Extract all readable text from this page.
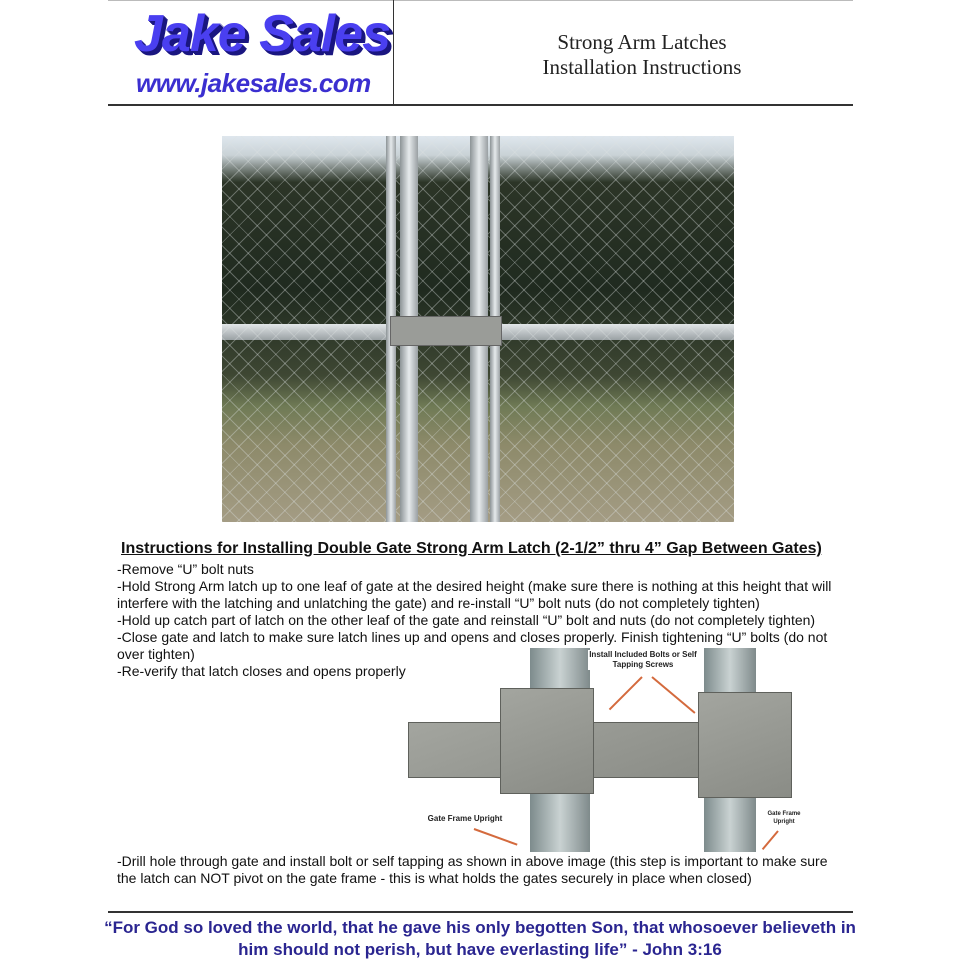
Jake Sales
www.jakesales.com
Strong Arm Latches
Installation Instructions
Instructions for Installing Double Gate Strong Arm Latch (2-1/2” thru 4” Gap Between Gates)

-Remove “U” bolt nuts

-Hold Strong Arm latch up to one leaf of gate at the desired height (make sure there is nothing at this height that will interfere with the latching and unlatching the gate) and re-install “U” bolt nuts (do not completely tighten)

-Hold up catch part of latch on the other leaf of the gate and reinstall “U” bolt and nuts (do not completely tighten)

-Close gate and latch to make sure latch lines up and opens and closes properly. Finish tightening “U” bolts (do not over tighten)

-Re-verify that latch closes and opens properly

Install Included Bolts or Self Tapping Screws
Gate Frame Upright	Gate Frame Upright
-Drill hole through gate and install bolt or self tapping as shown in above image (this step is important to make sure the latch can NOT pivot on the gate frame - this is what holds the gates securely in place when closed)
“For God so loved the world, that he gave his only begotten Son, that whosoever believeth in him should not perish, but have everlasting life” - John 3:16
